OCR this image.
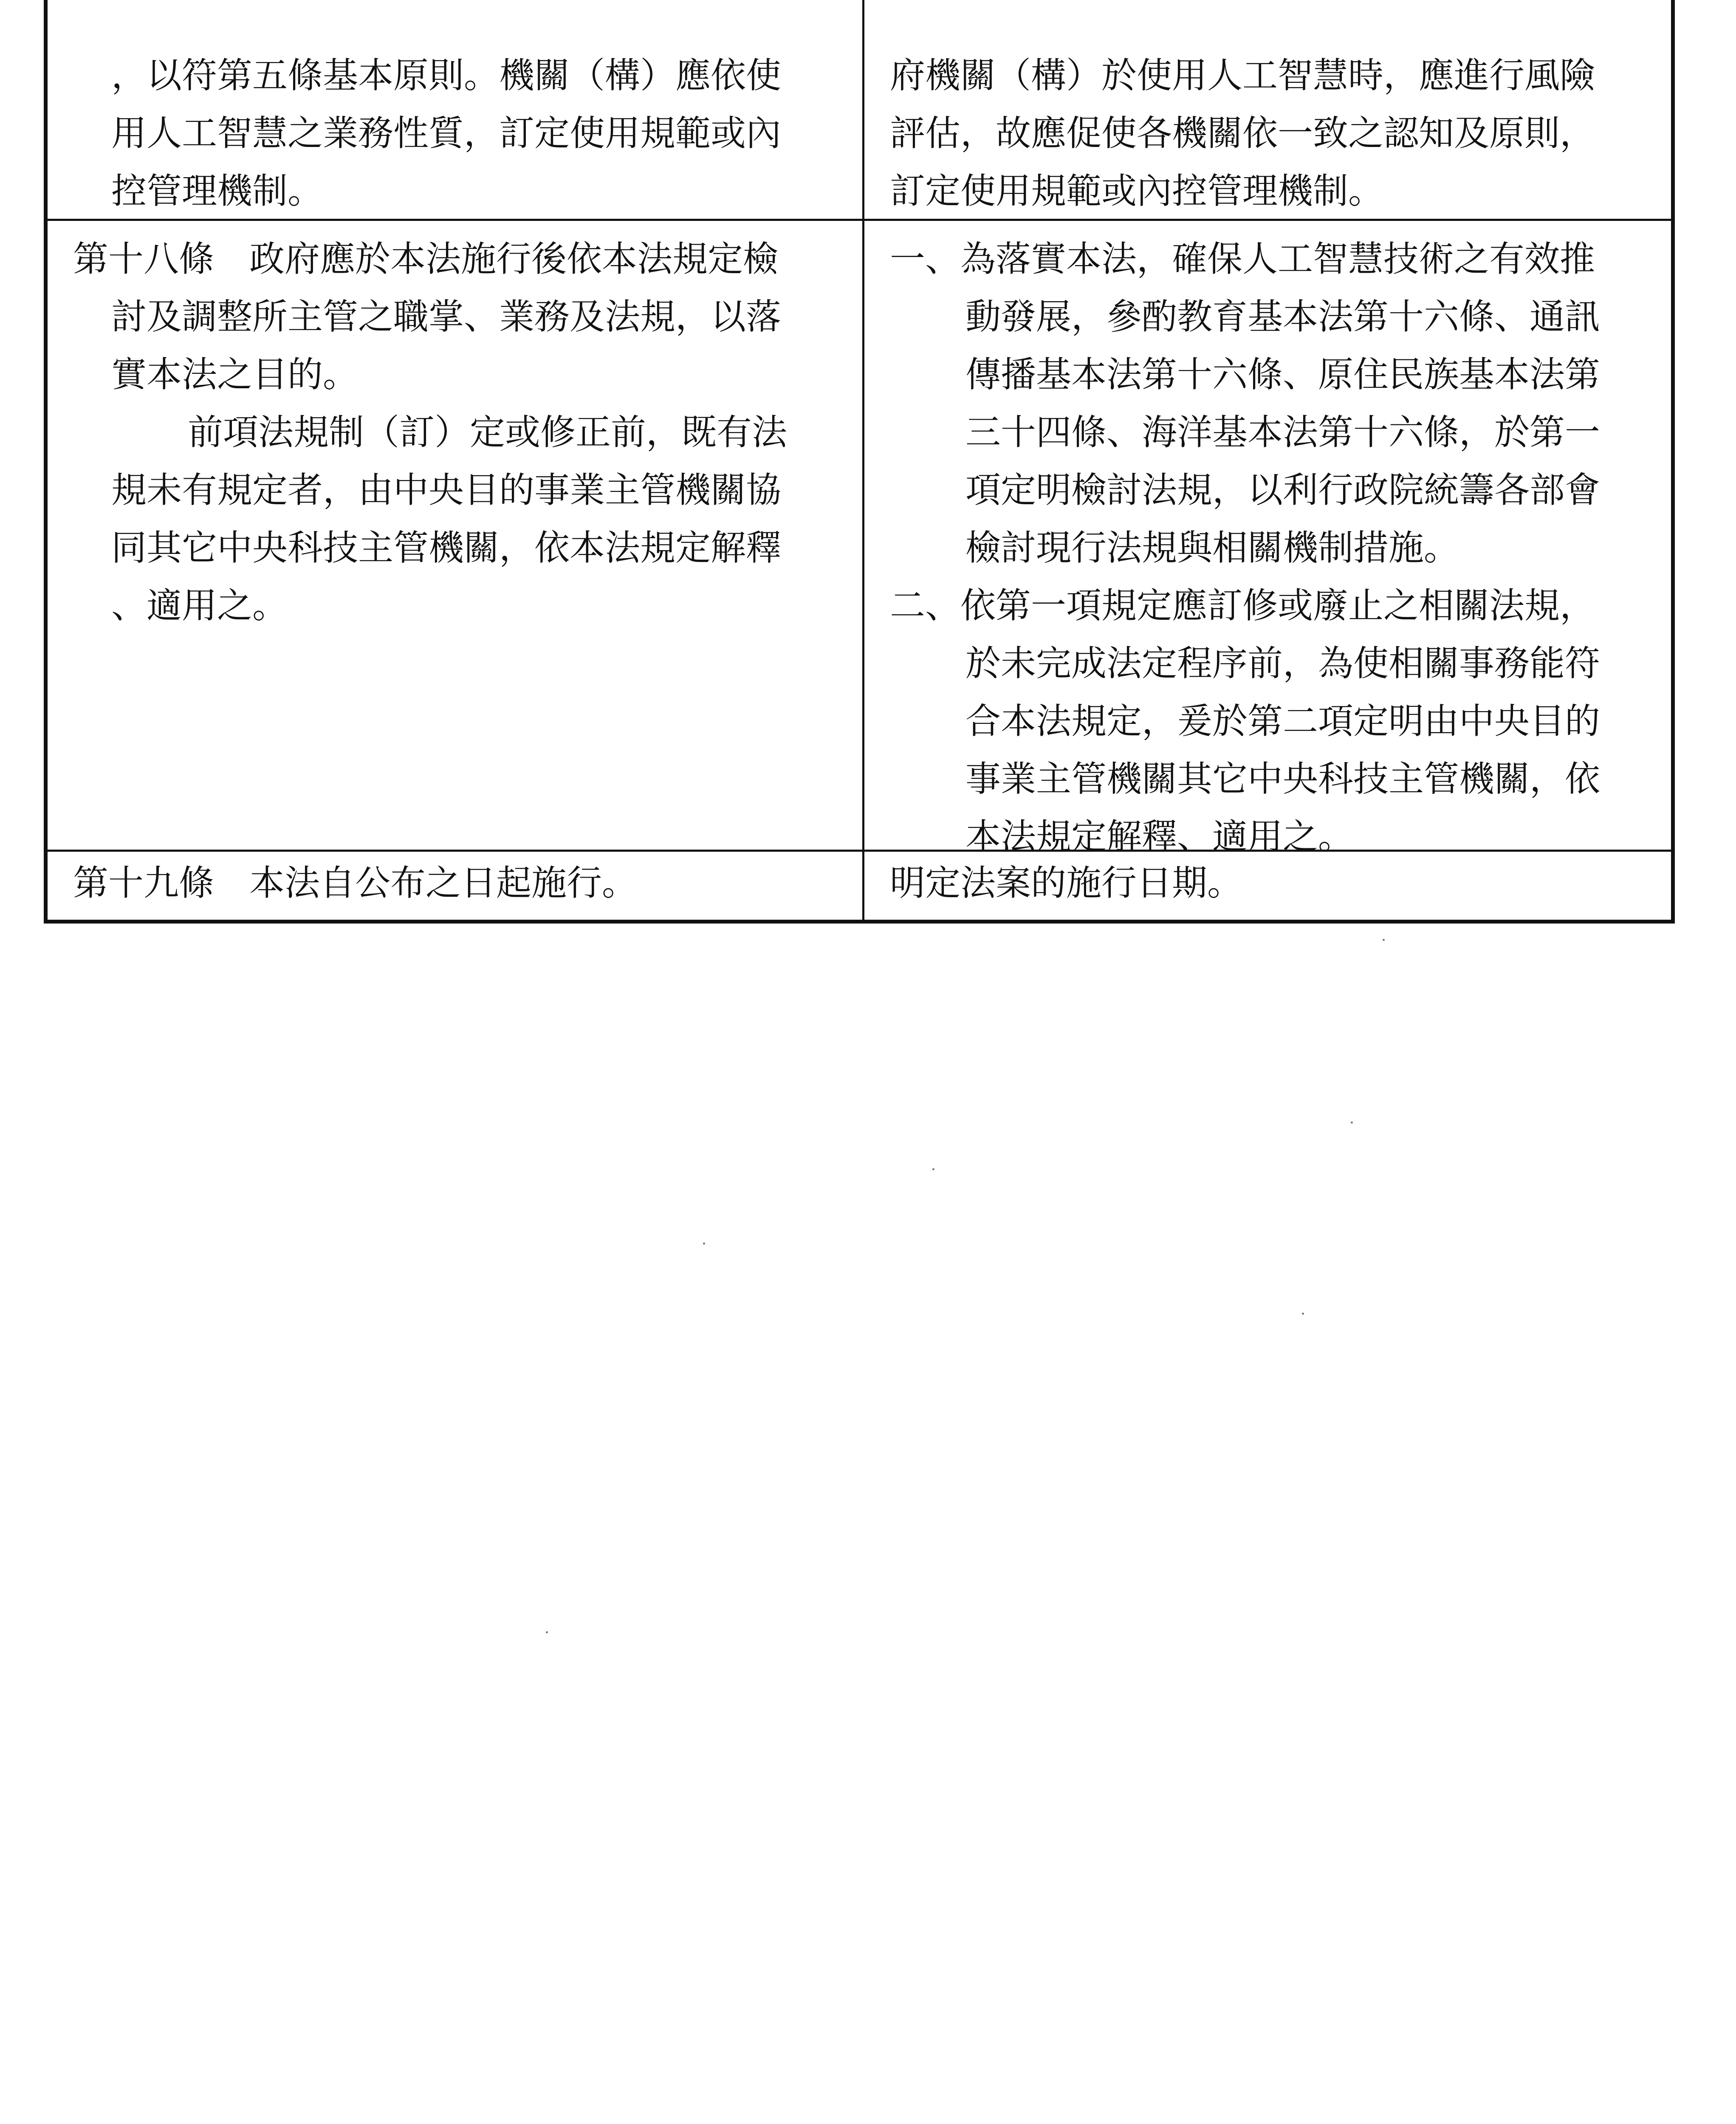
，以符第五條基本原則。機關（構）應依使
用人工智慧之業務性質，訂定使用規範或內
控管理機制。
府機關（構）於使用人工智慧時，應進行風險
評估，故應促使各機關依一致之認知及原則，
訂定使用規範或內控管理機制。
第十八條　政府應於本法施行後依本法規定檢
討及調整所主管之職掌、業務及法規，以落
實本法之目的。
前項法規制（訂）定或修正前，既有法
規未有規定者，由中央目的事業主管機關協
同其它中央科技主管機關，依本法規定解釋
、適用之。
一、為落實本法，確保人工智慧技術之有效推
動發展，參酌教育基本法第十六條、通訊
傳播基本法第十六條、原住民族基本法第
三十四條、海洋基本法第十六條，於第一
項定明檢討法規，以利行政院統籌各部會
檢討現行法規與相關機制措施。
二、依第一項規定應訂修或廢止之相關法規，
於未完成法定程序前，為使相關事務能符
合本法規定，爰於第二項定明由中央目的
事業主管機關其它中央科技主管機關，依
本法規定解釋、適用之。
第十九條　本法自公布之日起施行。	明定法案的施行日期。
